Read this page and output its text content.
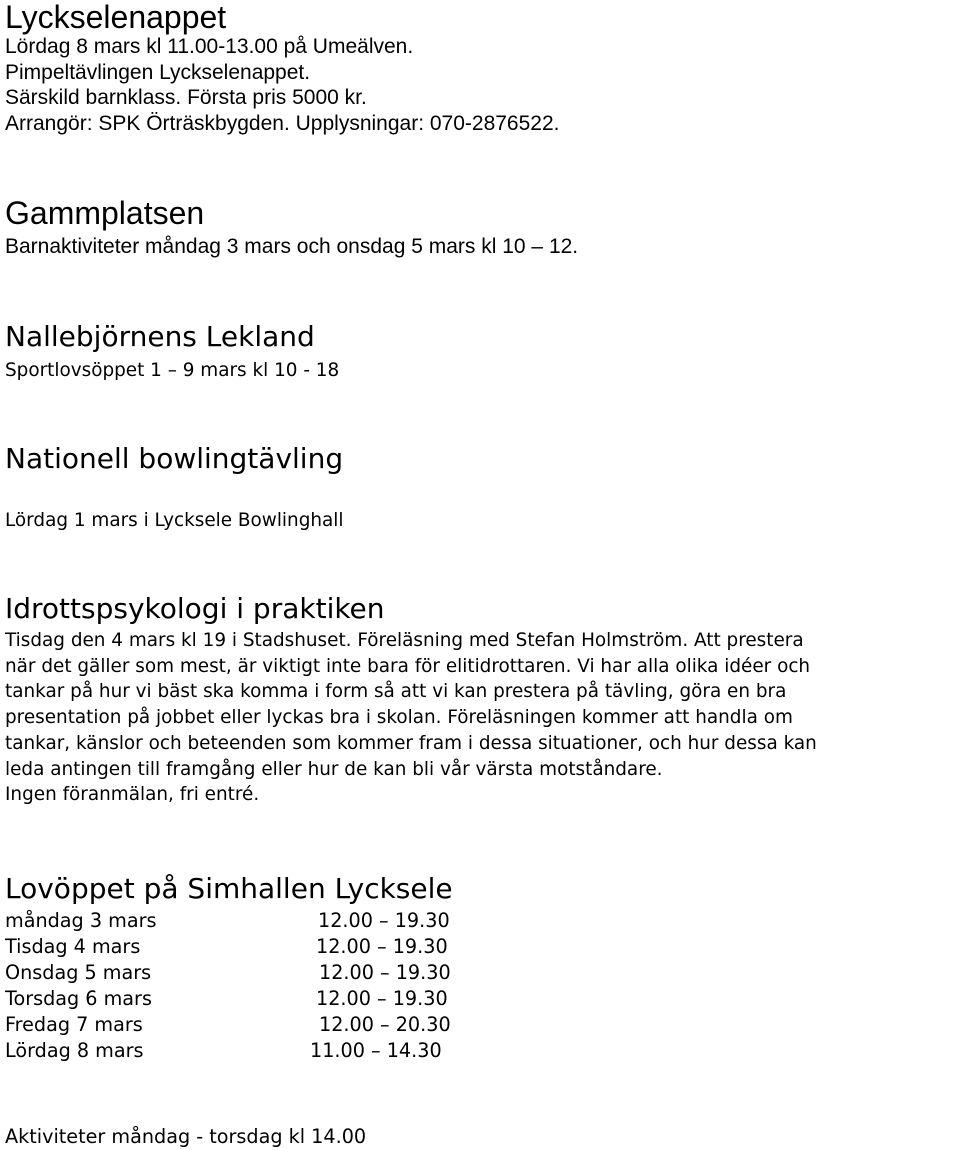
Lyckselenappet

Lördag 8 mars kl 11.00-13.00 på Umeälven.

Pimpeltävlingen Lyckselenappet.

Särskild barnklass. Första pris 5000 kr.

Arrangör: SPK Örträskbygden. Upplysningar: 070-2876522.

Gammplatsen

Barnaktiviteter måndag 3 mars och onsdag 5 mars kl 10 – 12.

Nallebjörnens Lekland

Sportlovsöppet 1 – 9 mars kl 10 - 18

Nationell bowlingtävling

Lördag 1 mars i Lycksele Bowlinghall

Idrottspsykologi i praktiken
Tisdag den 4 mars kl 19 i Stadshuset. Föreläsning med Stefan Holmström. Att prestera
när det gäller som mest, är viktigt inte bara för elitidrottaren. Vi har alla olika idéer och
tankar på hur vi bäst ska komma i form så att vi kan prestera på tävling, göra en bra
presentation på jobbet eller lyckas bra i skolan. Föreläsningen kommer att handla om
tankar, känslor och beteenden som kommer fram i dessa situationer, och hur dessa kan
leda antingen till framgång eller hur de kan bli vår värsta motståndare.
Ingen föranmälan, fri entré.
Lovöppet på Simhallen Lycksele
måndag 3 mars	12.00 – 19.30
Tisdag 4 mars	12.00 – 19.30
Onsdag 5 mars	12.00 – 19.30
Torsdag 6 mars	12.00 – 19.30
Fredag 7 mars	12.00 – 20.30
Lördag 8 mars	11.00 – 14.30

Aktiviteter måndag - torsdag kl 14.00
